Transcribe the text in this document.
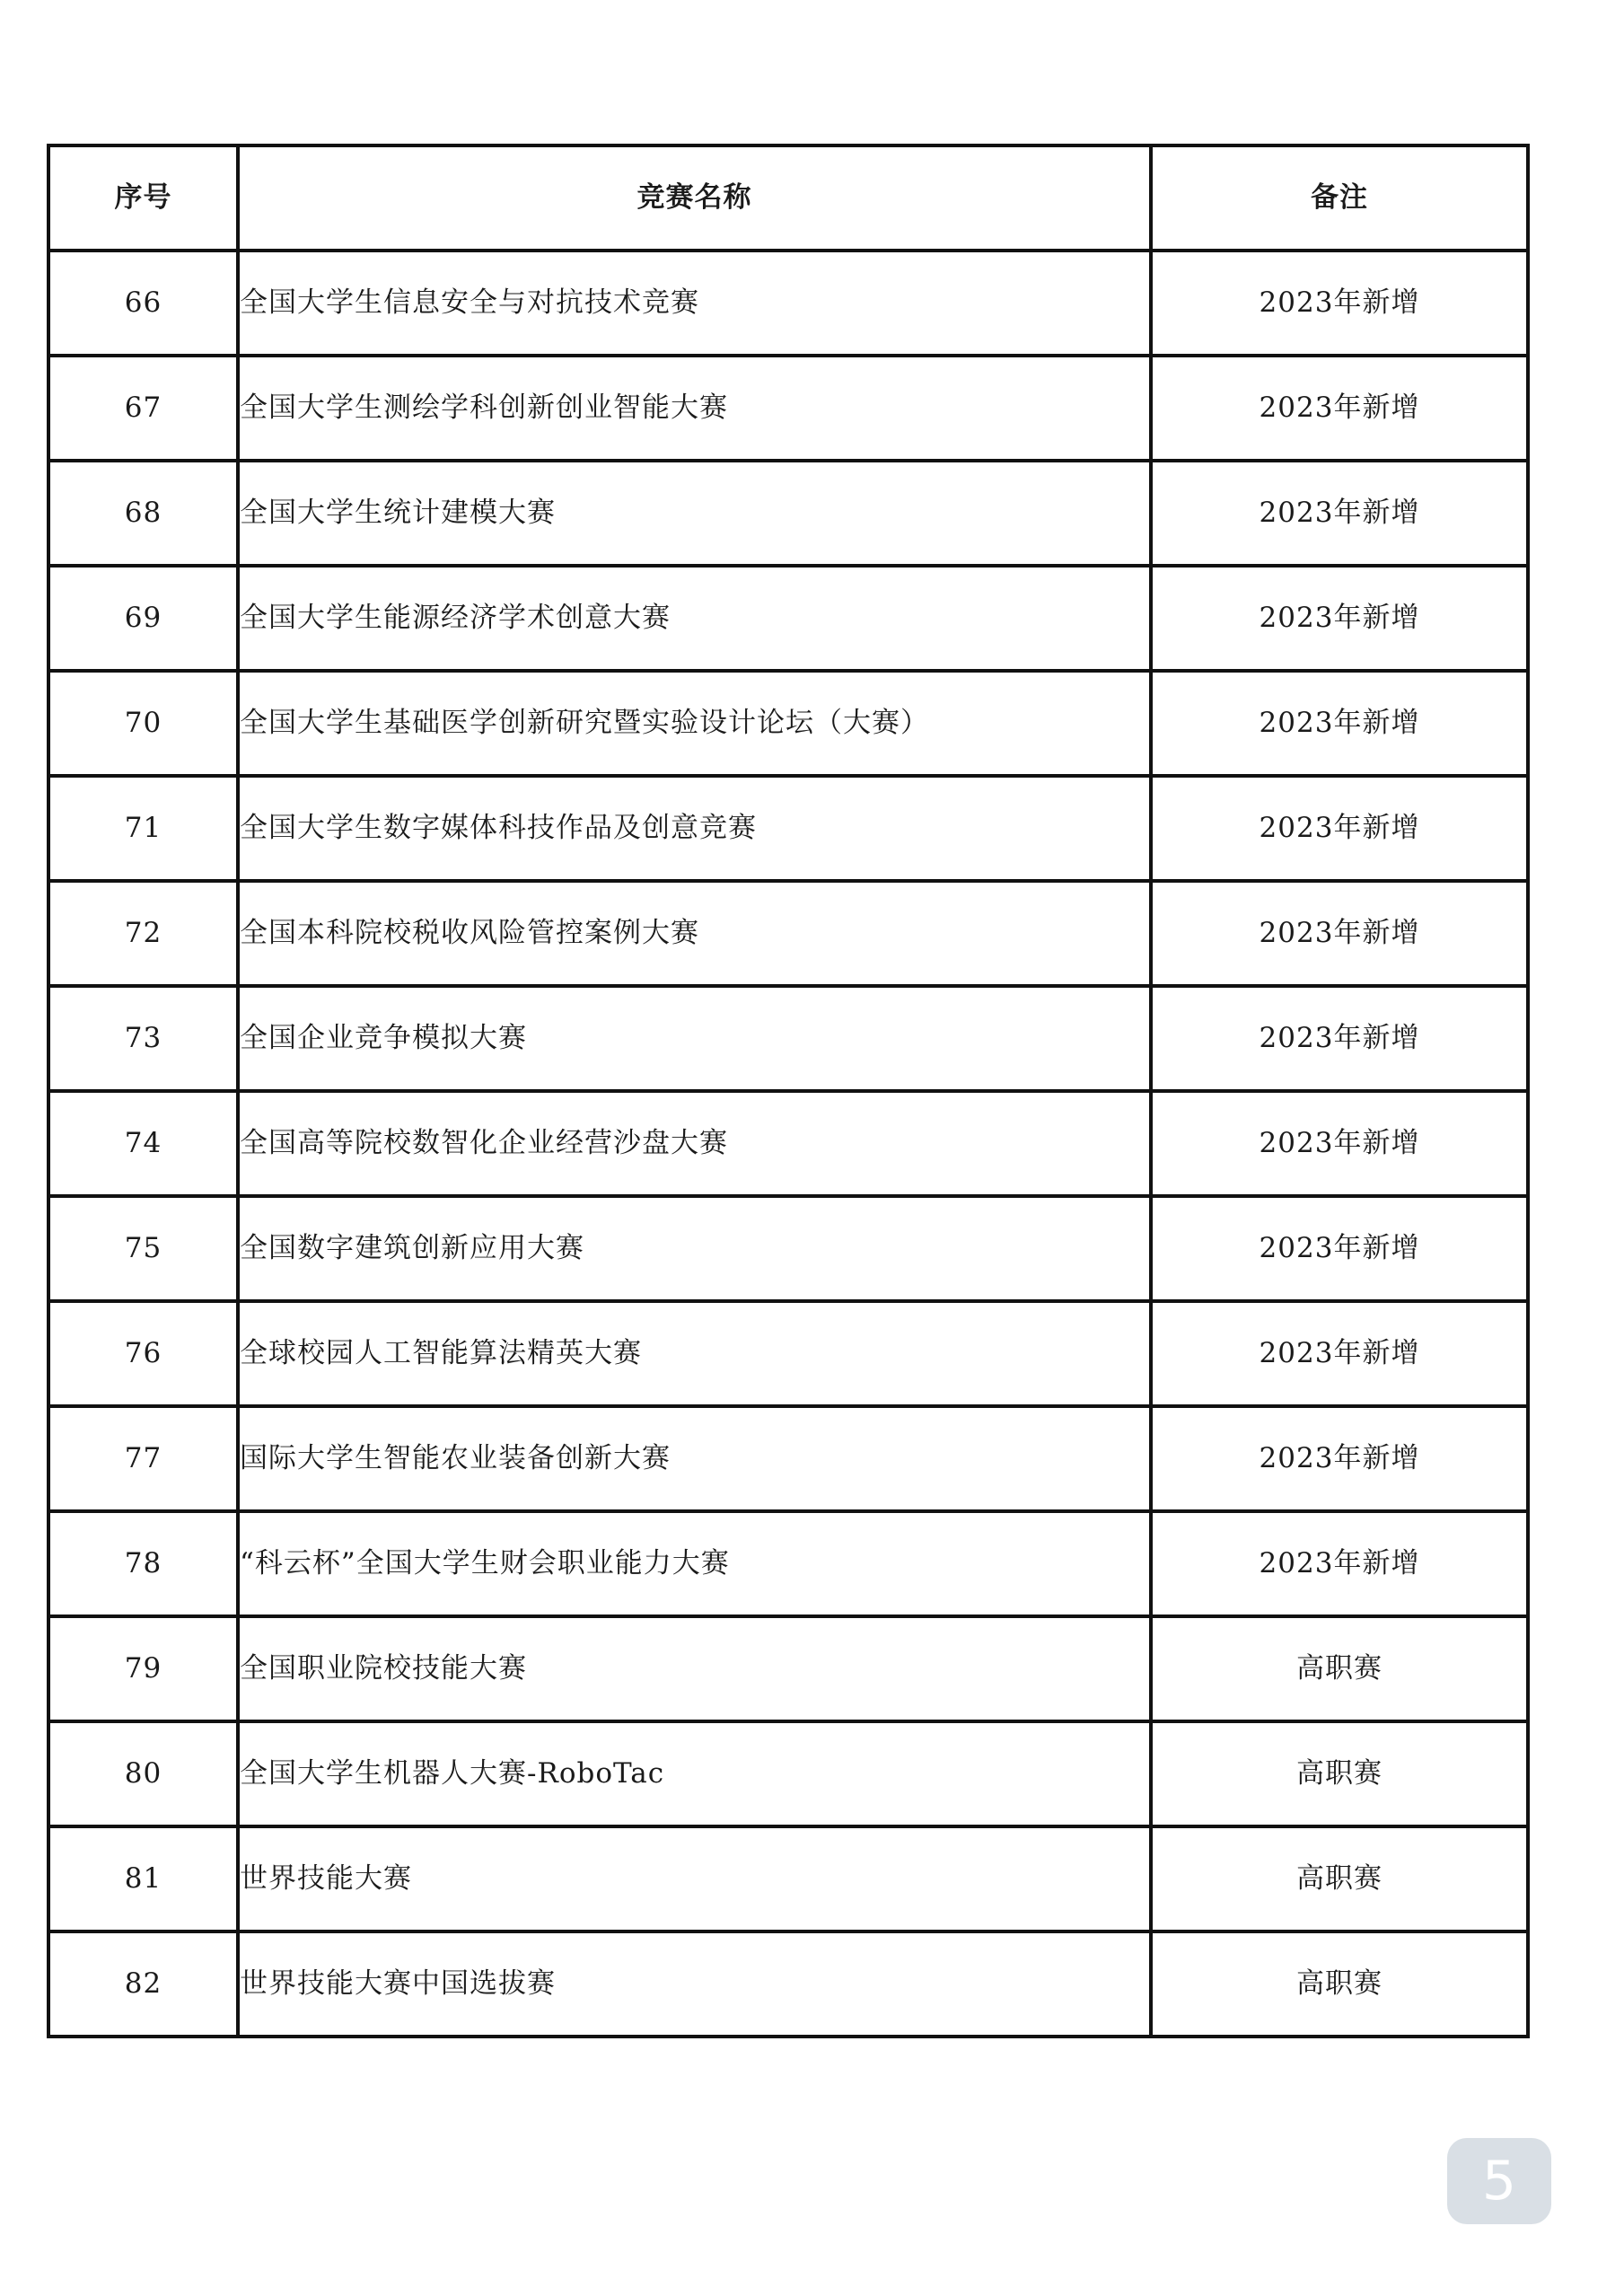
序号	竞赛名称	备注
66	全国大学生信息安全与对抗技术竞赛	2023年新增
67	全国大学生测绘学科创新创业智能大赛	2023年新增
68	全国大学生统计建模大赛	2023年新增
69	全国大学生能源经济学术创意大赛	2023年新增
70	全国大学生基础医学创新研究暨实验设计论坛（大赛）	2023年新增
71	全国大学生数字媒体科技作品及创意竞赛	2023年新增
72	全国本科院校税收风险管控案例大赛	2023年新增
73	全国企业竞争模拟大赛	2023年新增
74	全国高等院校数智化企业经营沙盘大赛	2023年新增
75	全国数字建筑创新应用大赛	2023年新增
76	全球校园人工智能算法精英大赛	2023年新增
77	国际大学生智能农业装备创新大赛	2023年新增
78	“科云杯”全国大学生财会职业能力大赛	2023年新增
79	全国职业院校技能大赛	高职赛
80	全国大学生机器人大赛-RoboTac	高职赛
81	世界技能大赛	高职赛
82	世界技能大赛中国选拔赛	高职赛
5
